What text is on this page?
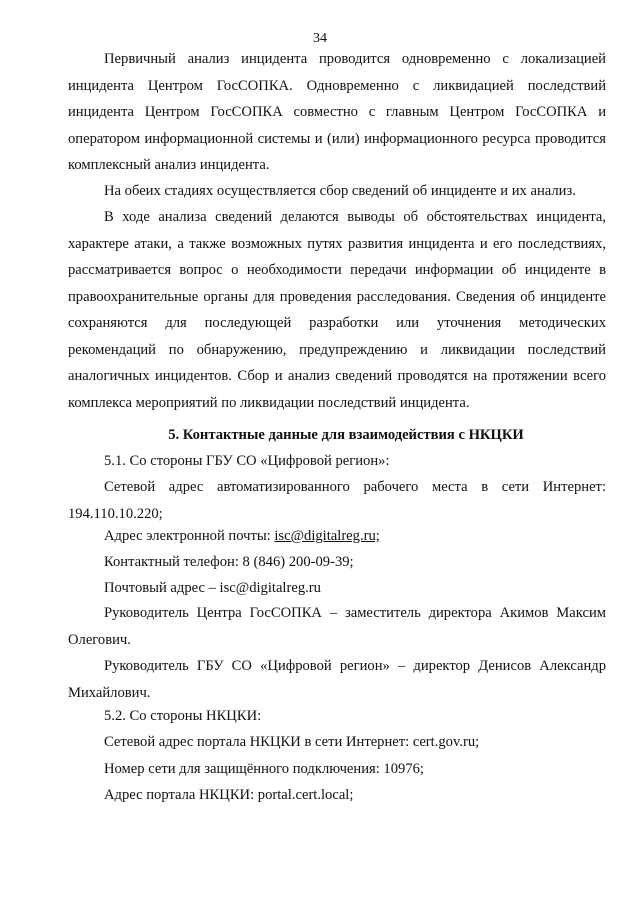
34

Первичный анализ инцидента проводится одновременно с локализацией инцидента Центром ГосСОПКА. Одновременно с ликвидацией последствий инцидента Центром ГосСОПКА совместно с главным Центром ГосСОПКА и оператором информационной системы и (или) информационного ресурса проводится комплексный анализ инцидента.

На обеих стадиях осуществляется сбор сведений об инциденте и их анализ.

В ходе анализа сведений делаются выводы об обстоятельствах инцидента, характере атаки, а также возможных путях развития инцидента и его последствиях, рассматривается вопрос о необходимости передачи информации об инциденте в правоохранительные органы для проведения расследования. Сведения об инциденте сохраняются для последующей разработки или уточнения методических рекомендаций по обнаружению, предупреждению и ликвидации последствий аналогичных инцидентов. Сбор и анализ сведений проводятся на протяжении всего комплекса мероприятий по ликвидации последствий инцидента.

5. Контактные данные для взаимодействия с НКЦКИ

5.1. Со стороны ГБУ СО «Цифровой регион»:

Сетевой адрес автоматизированного рабочего места в сети Интернет: 194.110.10.220;

Адрес электронной почты: isc@digitalreg.ru;

Контактный телефон: 8 (846) 200-09-39;

Почтовый адрес – isc@digitalreg.ru

Руководитель Центра ГосСОПКА – заместитель директора Акимов Максим Олегович.

Руководитель ГБУ СО «Цифровой регион» – директор Денисов Александр Михайлович.

5.2. Со стороны НКЦКИ:

Сетевой адрес портала НКЦКИ в сети Интернет: cert.gov.ru;

Номер сети для защищённого подключения: 10976;

Адрес портала НКЦКИ: portal.cert.local;
